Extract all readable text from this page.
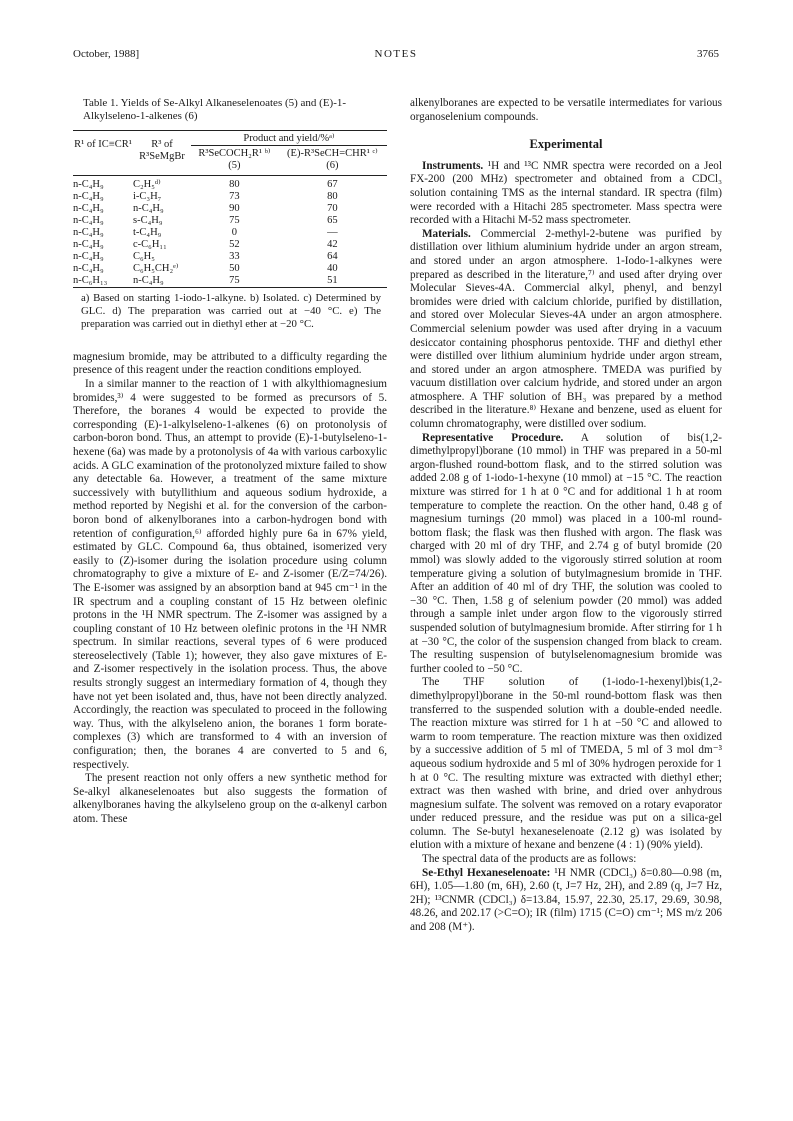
October, 1988]	NOTES	3765
Table 1. Yields of Se-Alkyl Alkaneselenoates (5) and (E)-1-Alkylseleno-1-alkenes (6)
R¹ of IC≡CR¹	R³ of R³SeMgBr	Product and yield/%ᵃ⁾	
		R³SeCOCH₂R¹ ᵇ⁾	(E)-R³SeCH=CHR¹ ᶜ⁾
		(5)	(6)

n-C₄H₉	C₂H₅ᵈ⁾	80	67
n-C₄H₉	i-C₃H₇	73	80
n-C₄H₉	n-C₄H₉	90	70
n-C₄H₉	s-C₄H₉	75	65
n-C₄H₉	t-C₄H₉	0	—
n-C₄H₉	c-C₆H₁₁	52	42
n-C₄H₉	C₆H₅	33	64
n-C₄H₉	C₆H₅CH₂ᵉ⁾	50	40
n-C₆H₁₃	n-C₄H₉	75	51

a) Based on starting 1-iodo-1-alkyne. b) Isolated. c) Determined by GLC. d) The preparation was carried out at −40 °C. e) The preparation was carried out in diethyl ether at −20 °C.

magnesium bromide, may be attributed to a difficulty regarding the presence of this reagent under the reaction conditions employed.

In a similar manner to the reaction of 1 with alkylthiomagnesium bromides,³⁾ 4 were suggested to be formed as precursors of 5. Therefore, the boranes 4 would be expected to provide the corresponding (E)-1-alkylseleno-1-alkenes (6) on protonolysis of carbon-boron bond. Thus, an attempt to provide (E)-1-butylseleno-1-hexene (6a) was made by a protonolysis of 4a with various carboxylic acids. A GLC examination of the protonolyzed mixture failed to show any detectable 6a. However, a treatment of the same mixture successively with butyllithium and aqueous sodium hydroxide, a method reported by Negishi et al. for the conversion of the carbon-boron bond of alkenylboranes into a carbon-hydrogen bond with retention of configuration,⁶⁾ afforded highly pure 6a in 67% yield, estimated by GLC. Compound 6a, thus obtained, isomerized very easily to (Z)-isomer during the isolation procedure using column chromatography to give a mixture of E- and Z-isomer (E/Z=74/26). The E-isomer was assigned by an absorption band at 945 cm⁻¹ in the IR spectrum and a coupling constant of 15 Hz between olefinic protons in the ¹H NMR spectrum. The Z-isomer was assigned by a coupling constant of 10 Hz between olefinic protons in the ¹H NMR spectrum. In similar reactions, several types of 6 were produced stereoselectively (Table 1); however, they also gave mixtures of E- and Z-isomer respectively in the isolation process. Thus, the above results strongly suggest an intermediary formation of 4, though they have not yet been isolated and, thus, have not been directly analyzed. Accordingly, the reaction was speculated to proceed in the following way. Thus, with the alkylseleno anion, the boranes 1 form borate-complexes (3) which are transformed to 4 with an inversion of configuration; then, the boranes 4 are converted to 5 and 6, respectively.

The present reaction not only offers a new synthetic method for Se-alkyl alkaneselenoates but also suggests the formation of alkenylboranes having the alkylseleno group on the α-alkenyl carbon atom. These

alkenylboranes are expected to be versatile intermediates for various organoselenium compounds.

Experimental

Instruments. ¹H and ¹³C NMR spectra were recorded on a Jeol FX-200 (200 MHz) spectrometer and obtained from a CDCl₃ solution containing TMS as the internal standard. IR spectra (film) were recorded with a Hitachi 285 spectrometer. Mass spectra were recorded with a Hitachi M-52 mass spectrometer.

Materials. Commercial 2-methyl-2-butene was purified by distillation over lithium aluminium hydride under an argon stream, and stored under an argon atmosphere. 1-Iodo-1-alkynes were prepared as described in the literature,⁷⁾ and used after drying over Molecular Sieves-4A. Commercial alkyl, phenyl, and benzyl bromides were dried with calcium chloride, purified by distillation, and stored over Molecular Sieves-4A under an argon atmosphere. Commercial selenium powder was used after drying in a vacuum desiccator containing phosphorus pentoxide. THF and diethyl ether were distilled over lithium aluminium hydride under argon stream, and stored under an argon atmosphere. TMEDA was purified by vacuum distillation over calcium hydride, and stored under an argon atmosphere. A THF solution of BH₃ was prepared by a method described in the literature.⁸⁾ Hexane and benzene, used as eluent for column chromatography, were distilled over sodium.

Representative Procedure. A solution of bis(1,2-dimethylpropyl)borane (10 mmol) in THF was prepared in a 50-ml argon-flushed round-bottom flask, and to the stirred solution was added 2.08 g of 1-iodo-1-hexyne (10 mmol) at −15 °C. The reaction mixture was stirred for 1 h at 0 °C and for additional 1 h at room temperature to complete the reaction. On the other hand, 0.48 g of magnesium turnings (20 mmol) was placed in a 100-ml round-bottom flask; the flask was then flushed with argon. The flask was charged with 20 ml of dry THF, and 2.74 g of butyl bromide (20 mmol) was slowly added to the vigorously stirred solution at room temperature giving a solution of butylmagnesium bromide in THF. After an addition of 40 ml of dry THF, the solution was cooled to −30 °C. Then, 1.58 g of selenium powder (20 mmol) was added through a sample inlet under argon flow to the vigorously stirred suspended solution of butylmagnesium bromide. After stirring for 1 h at −30 °C, the color of the suspension changed from black to cream. The resulting suspension of butylselenomagnesium bromide was further cooled to −50 °C.

The THF solution of (1-iodo-1-hexenyl)bis(1,2-dimethylpropyl)borane in the 50-ml round-bottom flask was then transferred to the suspended solution with a double-ended needle. The reaction mixture was stirred for 1 h at −50 °C and allowed to warm to room temperature. The reaction mixture was then oxidized by a successive addition of 5 ml of TMEDA, 5 ml of 3 mol dm⁻³ aqueous sodium hydroxide and 5 ml of 30% hydrogen peroxide for 1 h at 0 °C. The resulting mixture was extracted with diethyl ether; extract was then washed with brine, and dried over anhydrous magnesium sulfate. The solvent was removed on a rotary evaporator under reduced pressure, and the residue was put on a silica-gel column. The Se-butyl hexaneselenoate (2.12 g) was isolated by elution with a mixture of hexane and benzene (4 : 1) (90% yield).

The spectral data of the products are as follows:

Se-Ethyl Hexaneselenoate: ¹H NMR (CDCl₃) δ=0.80—0.98 (m, 6H), 1.05—1.80 (m, 6H), 2.60 (t, J=7 Hz, 2H), and 2.89 (q, J=7 Hz, 2H); ¹³CNMR (CDCl₃) δ=13.84, 15.97, 22.30, 25.17, 29.69, 30.98, 48.26, and 202.17 (>C=O); IR (film) 1715 (C=O) cm⁻¹; MS m/z 206 and 208 (M⁺).
